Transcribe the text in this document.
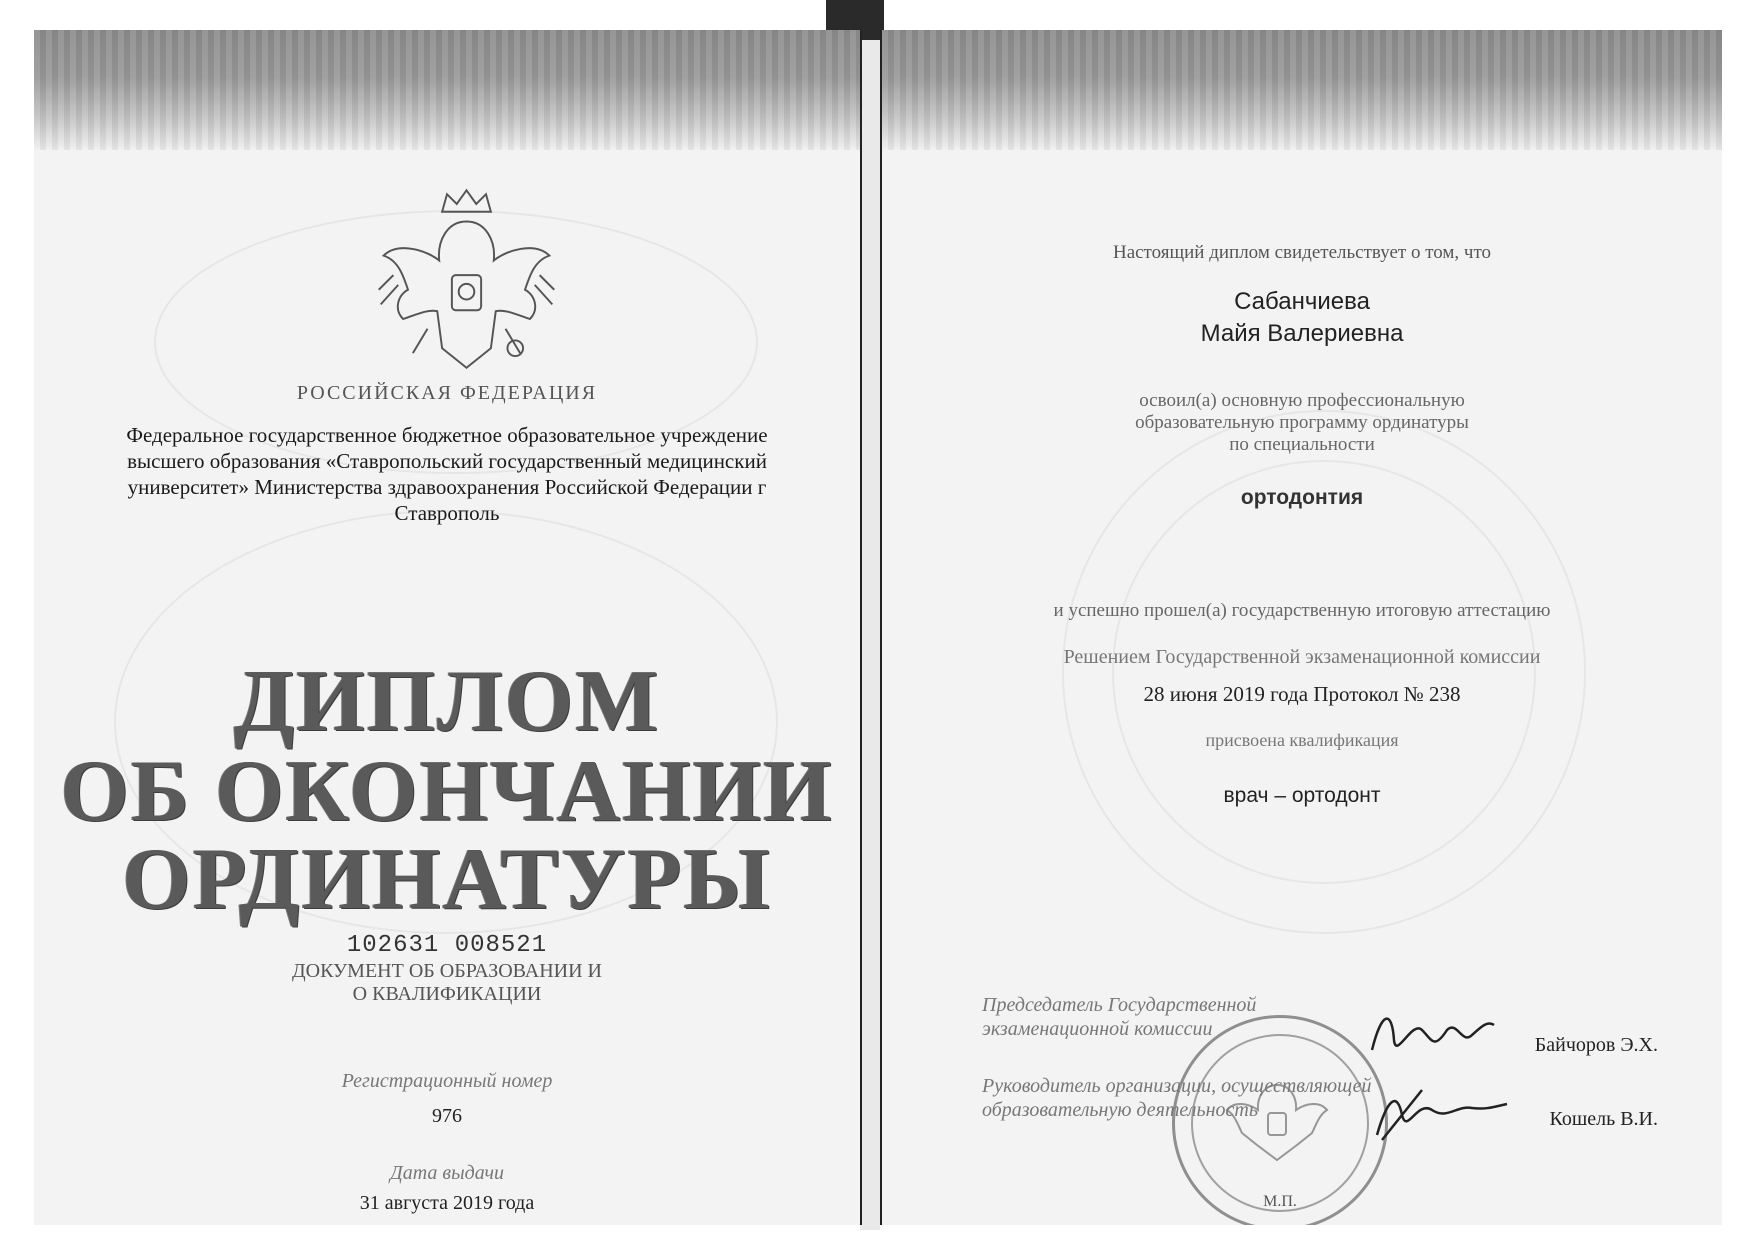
РОССИЙСКАЯ ФЕДЕРАЦИЯ
Федеральное государственное бюджетное образовательное учреждение высшего образования «Ставропольский государственный медицинский университет» Министерства здравоохранения Российской Федерации г Ставрополь
ДИПЛОМ
ОБ ОКОНЧАНИИ
ОРДИНАТУРЫ
102631 008521
ДОКУМЕНТ ОБ ОБРАЗОВАНИИ И
О КВАЛИФИКАЦИИ
Регистрационный номер
976
Дата выдачи
31 августа 2019 года
Настоящий диплом свидетельствует о том, что
Сабанчиева
Майя Валериевна
освоил(а) основную профессиональную
образовательную программу ординатуры
по специальности
ортодонтия
и успешно прошел(а) государственную итоговую аттестацию
Решением Государственной экзаменационной комиссии
28 июня 2019 года Протокол № 238
присвоена квалификация
врач – ортодонт
М.П.
Председатель Государственной
экзаменационной комиссии
Байчоров Э.Х.
Руководитель организации, осуществляющей
образовательную деятельность	Кошель В.И.
